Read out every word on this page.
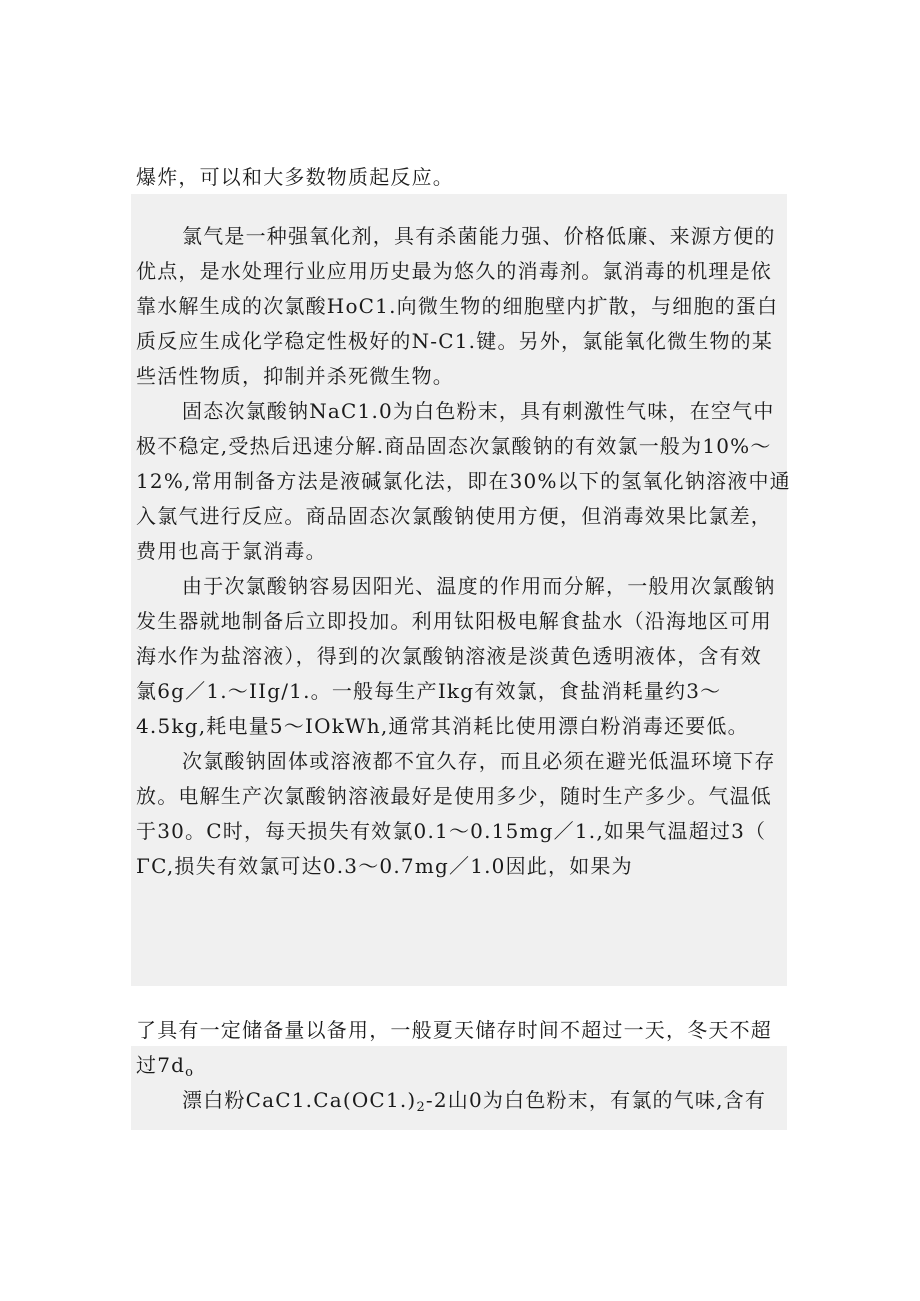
爆炸，可以和大多数物质起反应。
氯气是一种强氧化剂，具有杀菌能力强、价格低廉、来源方便的
优点，是水处理行业应用历史最为悠久的消毒剂。氯消毒的机理是依
靠水解生成的次氯酸HoC1.向微生物的细胞壁内扩散，与细胞的蛋白
质反应生成化学稳定性极好的N-C1.键。另外，氯能氧化微生物的某
些活性物质，抑制并杀死微生物。
固态次氯酸钠NaC1.0为白色粉末，具有刺激性气味，在空气中
极不稳定,受热后迅速分解.商品固态次氯酸钠的有效氯一般为10%～
12%,常用制备方法是液碱氯化法，即在30%以下的氢氧化钠溶液中通
入氯气进行反应。商品固态次氯酸钠使用方便，但消毒效果比氯差，
费用也高于氯消毒。
由于次氯酸钠容易因阳光、温度的作用而分解，一般用次氯酸钠
发生器就地制备后立即投加。利用钛阳极电解食盐水（沿海地区可用
海水作为盐溶液），得到的次氯酸钠溶液是淡黄色透明液体，含有效
氯6g／1.～IIg/1.。一般每生产Ikg有效氯，食盐消耗量约3～
4.5kg,耗电量5～IOkWh,通常其消耗比使用漂白粉消毒还要低。
次氯酸钠固体或溶液都不宜久存，而且必须在避光低温环境下存
放。电解生产次氯酸钠溶液最好是使用多少，随时生产多少。气温低
于30。C时，每天损失有效氯0.1～0.15mg／1.,如果气温超过3（
ΓC,损失有效氯可达0.3～0.7mg／1.0因此，如果为
了具有一定储备量以备用，一般夏天储存时间不超过一天，冬天不超
过$7d_o$
漂白粉$CaC1.Ca(OC1.)_2-2$山0为白色粉末，有氯的气味,含有
